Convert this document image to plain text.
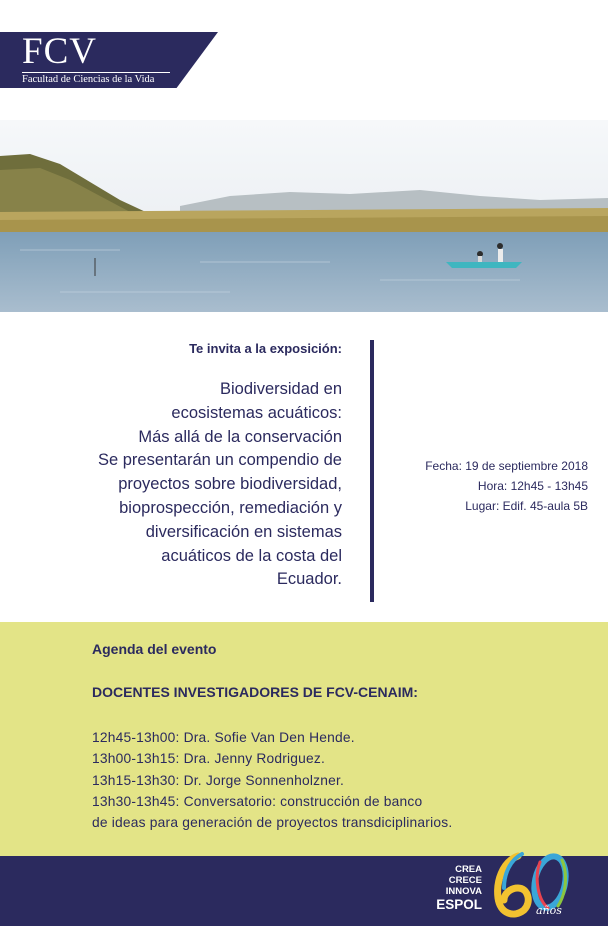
FCV
Facultad de Ciencias de la Vida
Te invita a la exposición:
Biodiversidad en
ecosistemas acuáticos:
Más allá de la conservación
Se presentarán un compendio de
proyectos sobre biodiversidad,
bioprospección, remediación y
diversificación en sistemas
acuáticos de la costa del
Ecuador.
Fecha: 19 de septiembre 2018
Hora: 12h45 - 13h45
Lugar: Edif. 45-aula 5B
Agenda del evento
DOCENTES INVESTIGADORES DE FCV-CENAIM:
12h45-13h00: Dra. Sofie Van Den Hende.
13h00-13h15: Dra. Jenny Rodriguez.
13h15-13h30: Dr. Jorge Sonnenholzner.
13h30-13h45: Conversatorio: construcción de banco
de ideas para generación de proyectos transdiciplinarios.
CREA
CRECE
INNOVA
ESPOL	años
